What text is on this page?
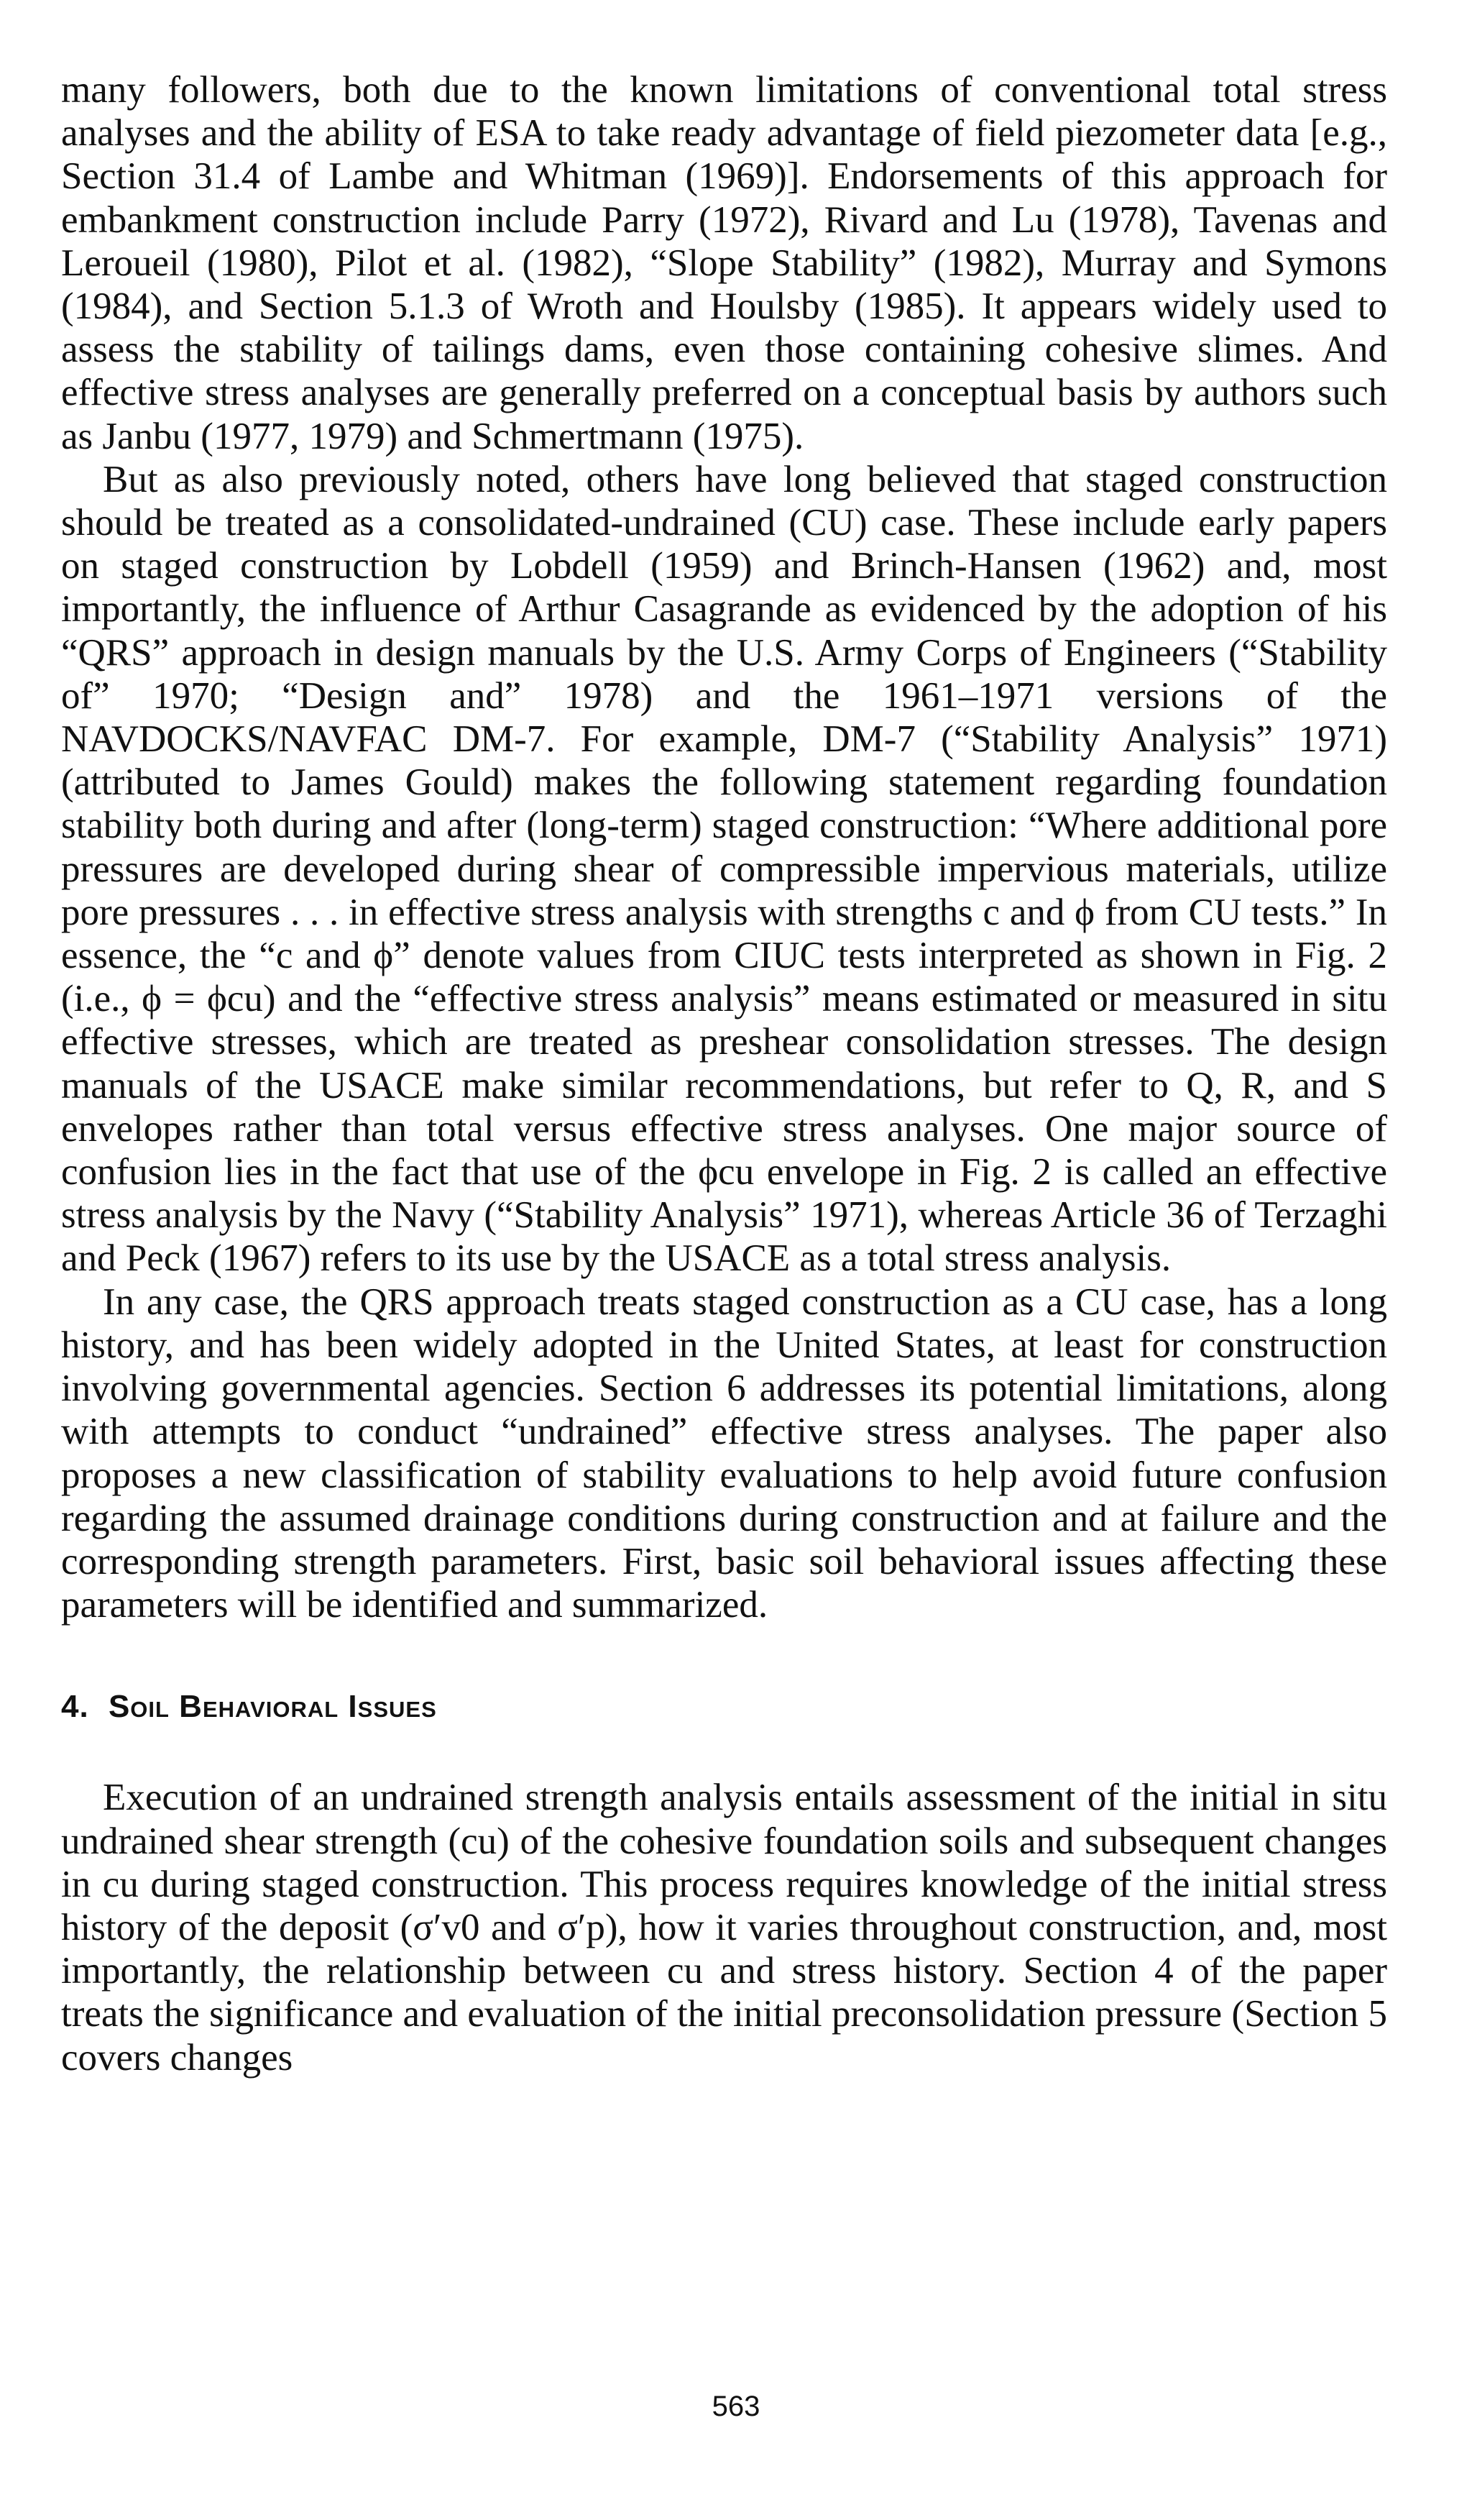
many followers, both due to the known limitations of conventional total stress analyses and the ability of ESA to take ready advantage of field piezometer data [e.g., Section 31.4 of Lambe and Whitman (1969)]. Endorsements of this approach for embankment construction include Parry (1972), Rivard and Lu (1978), Tavenas and Leroueil (1980), Pilot et al. (1982), “Slope Stability” (1982), Murray and Symons (1984), and Section 5.1.3 of Wroth and Houlsby (1985). It appears widely used to assess the stability of tailings dams, even those containing cohesive slimes. And effective stress analyses are generally preferred on a conceptual basis by authors such as Janbu (1977, 1979) and Schmertmann (1975).

But as also previously noted, others have long believed that staged construction should be treated as a consolidated-undrained (CU) case. These include early papers on staged construction by Lobdell (1959) and Brinch-Hansen (1962) and, most importantly, the influence of Arthur Casagrande as evidenced by the adoption of his “QRS” approach in design manuals by the U.S. Army Corps of Engineers (“Stability of” 1970; “Design and” 1978) and the 1961–1971 versions of the NAVDOCKS/NAVFAC DM-7. For example, DM-7 (“Stability Analysis” 1971) (attributed to James Gould) makes the following statement regarding foundation stability both during and after (long-term) staged construction: “Where additional pore pressures are developed during shear of compressible impervious materials, utilize pore pressures . . . in effective stress analysis with strengths c and ϕ from CU tests.” In essence, the “c and ϕ” denote values from CIUC tests interpreted as shown in Fig. 2 (i.e., ϕ = ϕcu) and the “effective stress analysis” means estimated or measured in situ effective stresses, which are treated as preshear consolidation stresses. The design manuals of the USACE make similar recommendations, but refer to Q, R, and S envelopes rather than total versus effective stress analyses. One major source of confusion lies in the fact that use of the ϕcu envelope in Fig. 2 is called an effective stress analysis by the Navy (“Stability Analysis” 1971), whereas Article 36 of Terzaghi and Peck (1967) refers to its use by the USACE as a total stress analysis.

In any case, the QRS approach treats staged construction as a CU case, has a long history, and has been widely adopted in the United States, at least for construction involving governmental agencies. Section 6 addresses its potential limitations, along with attempts to conduct “undrained” effective stress analyses. The paper also proposes a new classification of stability evaluations to help avoid future confusion regarding the assumed drainage conditions during construction and at failure and the corresponding strength parameters. First, basic soil behavioral issues affecting these parameters will be identified and summarized.

4. Soil Behavioral Issues

Execution of an undrained strength analysis entails assessment of the initial in situ undrained shear strength (cu) of the cohesive foundation soils and subsequent changes in cu during staged construction. This process requires knowledge of the initial stress history of the deposit (σ′v0 and σ′p), how it varies throughout construction, and, most importantly, the relationship between cu and stress history. Section 4 of the paper treats the significance and evaluation of the initial preconsolidation pressure (Section 5 covers changes

563
